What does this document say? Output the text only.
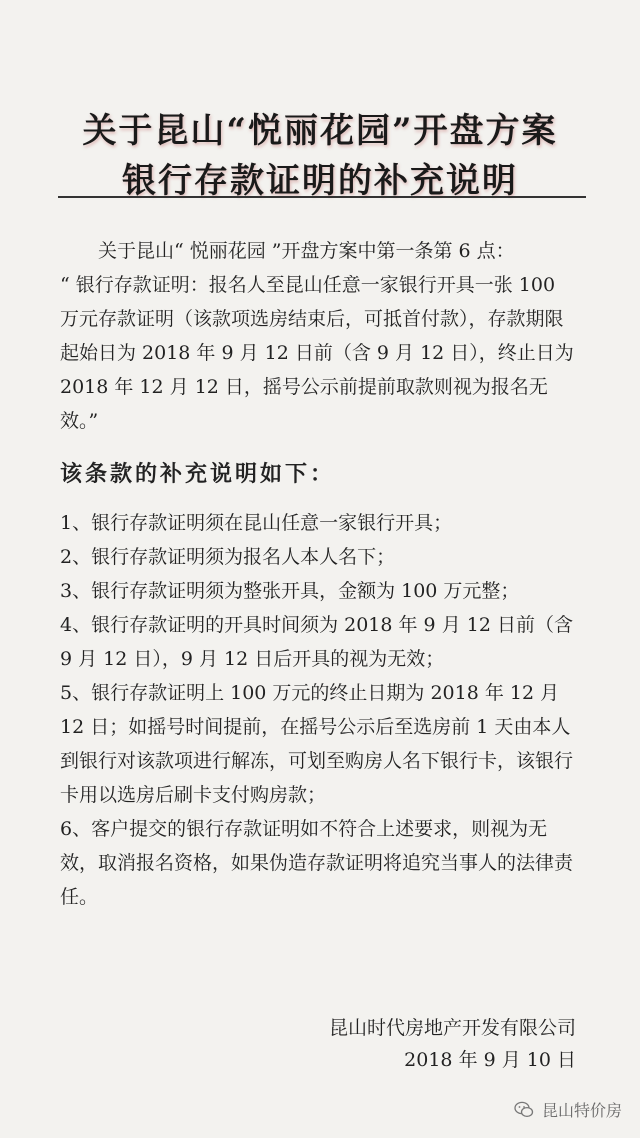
关于昆山“悦丽花园”开盘方案
银行存款证明的补充说明

关于昆山“ 悦丽花园 ”开盘方案中第一条第 6 点：

“ 银行存款证明：报名人至昆山任意一家银行开具一张 100 万元存款证明（该款项选房结束后，可抵首付款），存款期限起始日为 2018 年 9 月 12 日前（含 9 月 12 日），终止日为 2018 年 12 月 12 日，摇号公示前提前取款则视为报名无效。”

该条款的补充说明如下：

1、银行存款证明须在昆山任意一家银行开具；

2、银行存款证明须为报名人本人名下；

3、银行存款证明须为整张开具，金额为 100 万元整；

4、银行存款证明的开具时间须为 2018 年 9 月 12 日前（含 9 月 12 日），9 月 12 日后开具的视为无效；

5、银行存款证明上 100 万元的终止日期为 2018 年 12 月 12 日；如摇号时间提前，在摇号公示后至选房前 1 天由本人到银行对该款项进行解冻，可划至购房人名下银行卡，该银行卡用以选房后刷卡支付购房款；

6、客户提交的银行存款证明如不符合上述要求，则视为无效，取消报名资格，如果伪造存款证明将追究当事人的法律责任。

昆山时代房地产开发有限公司

2018 年 9 月 10 日

昆山特价房
